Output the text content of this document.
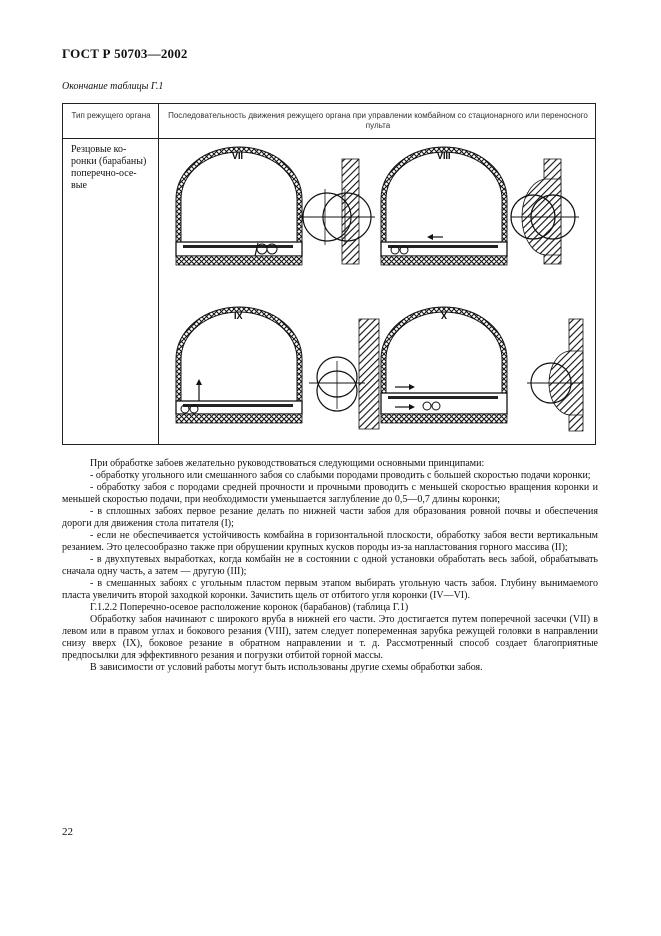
ГОСТ Р 50703—2002
Окончание таблицы Г.1
Тип режущего органа	Последовательность движения режущего органа при управлении комбайном со стационарного или переносного пульта
Резцовые ко-
ронки (барабаны)
поперечно-осе-
вые
VII	VIII
IX	X

При обработке забоев желательно руководствоваться следующими основными принципами:

- обработку угольного или смешанного забоя со слабыми породами проводить с большей скоростью подачи коронки;

- обработку забоя с породами средней прочности и прочными проводить с меньшей скоростью вращения коронки и меньшей скоростью подачи, при необходимости уменьшается заглубление до 0,5—0,7 длины коронки;

- в сплошных забоях первое резание делать по нижней части забоя для образования ровной почвы и обеспечения дороги для движения стола питателя (I);

- если не обеспечивается устойчивость комбайна в горизонтальной плоскости, обработку забоя вести вертикальным резанием. Это целесообразно также при обрушении крупных кусков породы из-за напластования горного массива (II);

- в двухпутевых выработках, когда комбайн не в состоянии с одной установки обработать весь забой, обрабатывать сначала одну часть, а затем — другую (III);

- в смешанных забоях с угольным пластом первым этапом выбирать угольную часть забоя. Глубину вынимаемого пласта увеличить второй заходкой коронки. Зачистить щель от отбитого угля коронки (IV—VI).

Г.1.2.2 Поперечно-осевое расположение коронок (барабанов) (таблица Г.1)

Обработку забоя начинают с широкого вруба в нижней его части. Это достигается путем поперечной засечки (VII) в левом или в правом углах и бокового резания (VIII), затем следует попеременная зарубка режущей головки в направлении снизу вверх (IX), боковое резание в обратном направлении и т. д. Рассмотренный способ создает благоприятные предпосылки для эффективного резания и погрузки отбитой горной массы.

В зависимости от условий работы могут быть использованы другие схемы обработки забоя.

22
